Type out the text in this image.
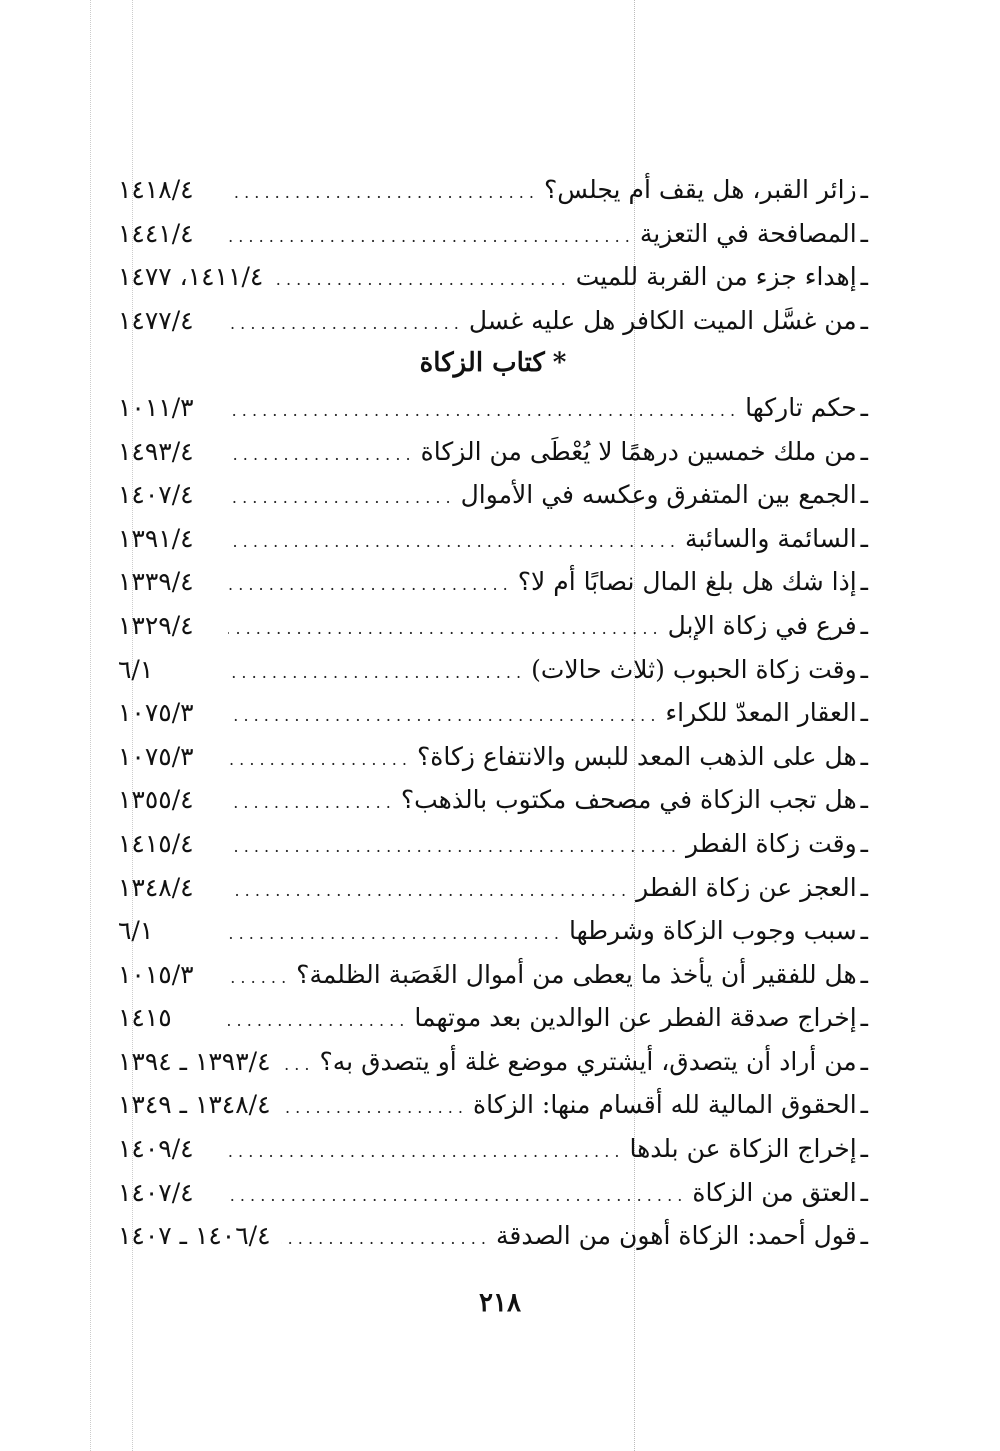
ـ
زائر القبر، هل يقف أم يجلس؟
. . .
١٤١٨/٤
ـ
المصافحة في التعزية
. . .
١٤٤١/٤
ـ
إهداء جزء من القربة للميت
. . .
١٤١١/٤، ١٤٧٧
ـ
من غسَّل الميت الكافر هل عليه غسل
. . .
١٤٧٧/٤
*
كتاب الزكاة
ـ
حكم تاركها
. . .
١٠١١/٣
ـ
من ملك خمسين درهمًا لا يُعْطَى من الزكاة
. . .
١٤٩٣/٤
ـ
الجمع بين المتفرق وعكسه في الأموال
. . .
١٤٠٧/٤
ـ
السائمة والسائبة
. . .
١٣٩١/٤
ـ
إذا شك هل بلغ المال نصابًا أم لا؟
. . .
١٣٣٩/٤
ـ
فرع في زكاة الإبل
. . .
١٣٢٩/٤
ـ
وقت زكاة الحبوب (ثلاث حالات)
. . .
٦/١
ـ
العقار المعدّ للكراء
. . .
١٠٧٥/٣
ـ
هل على الذهب المعد للبس والانتفاع زكاة؟
. . .
١٠٧٥/٣
ـ
هل تجب الزكاة في مصحف مكتوب بالذهب؟
. . .
١٣٥٥/٤
ـ
وقت زكاة الفطر
. . .
١٤١٥/٤
ـ
العجز عن زكاة الفطر
. . .
١٣٤٨/٤
ـ
سبب وجوب الزكاة وشرطها
. . .
٦/١
ـ
هل للفقير أن يأخذ ما يعطى من أموال الغَصَبة الظلمة؟
. . .
١٠١٥/٣
ـ
إخراج صدقة الفطر عن الوالدين بعد موتهما
. . .
١٤١٥
ـ
من أراد أن يتصدق، أيشتري موضع غلة أو يتصدق به؟
. . .
١٣٩٣/٤ ـ ١٣٩٤
ـ
الحقوق المالية لله أقسام منها: الزكاة
. . .
١٣٤٨/٤ ـ ١٣٤٩
ـ
إخراج الزكاة عن بلدها
. . .
١٤٠٩/٤
ـ
العتق من الزكاة
. . .
١٤٠٧/٤
ـ
قول أحمد: الزكاة أهون من الصدقة
. . .
١٤٠٦/٤ ـ ١٤٠٧
٢١٨
